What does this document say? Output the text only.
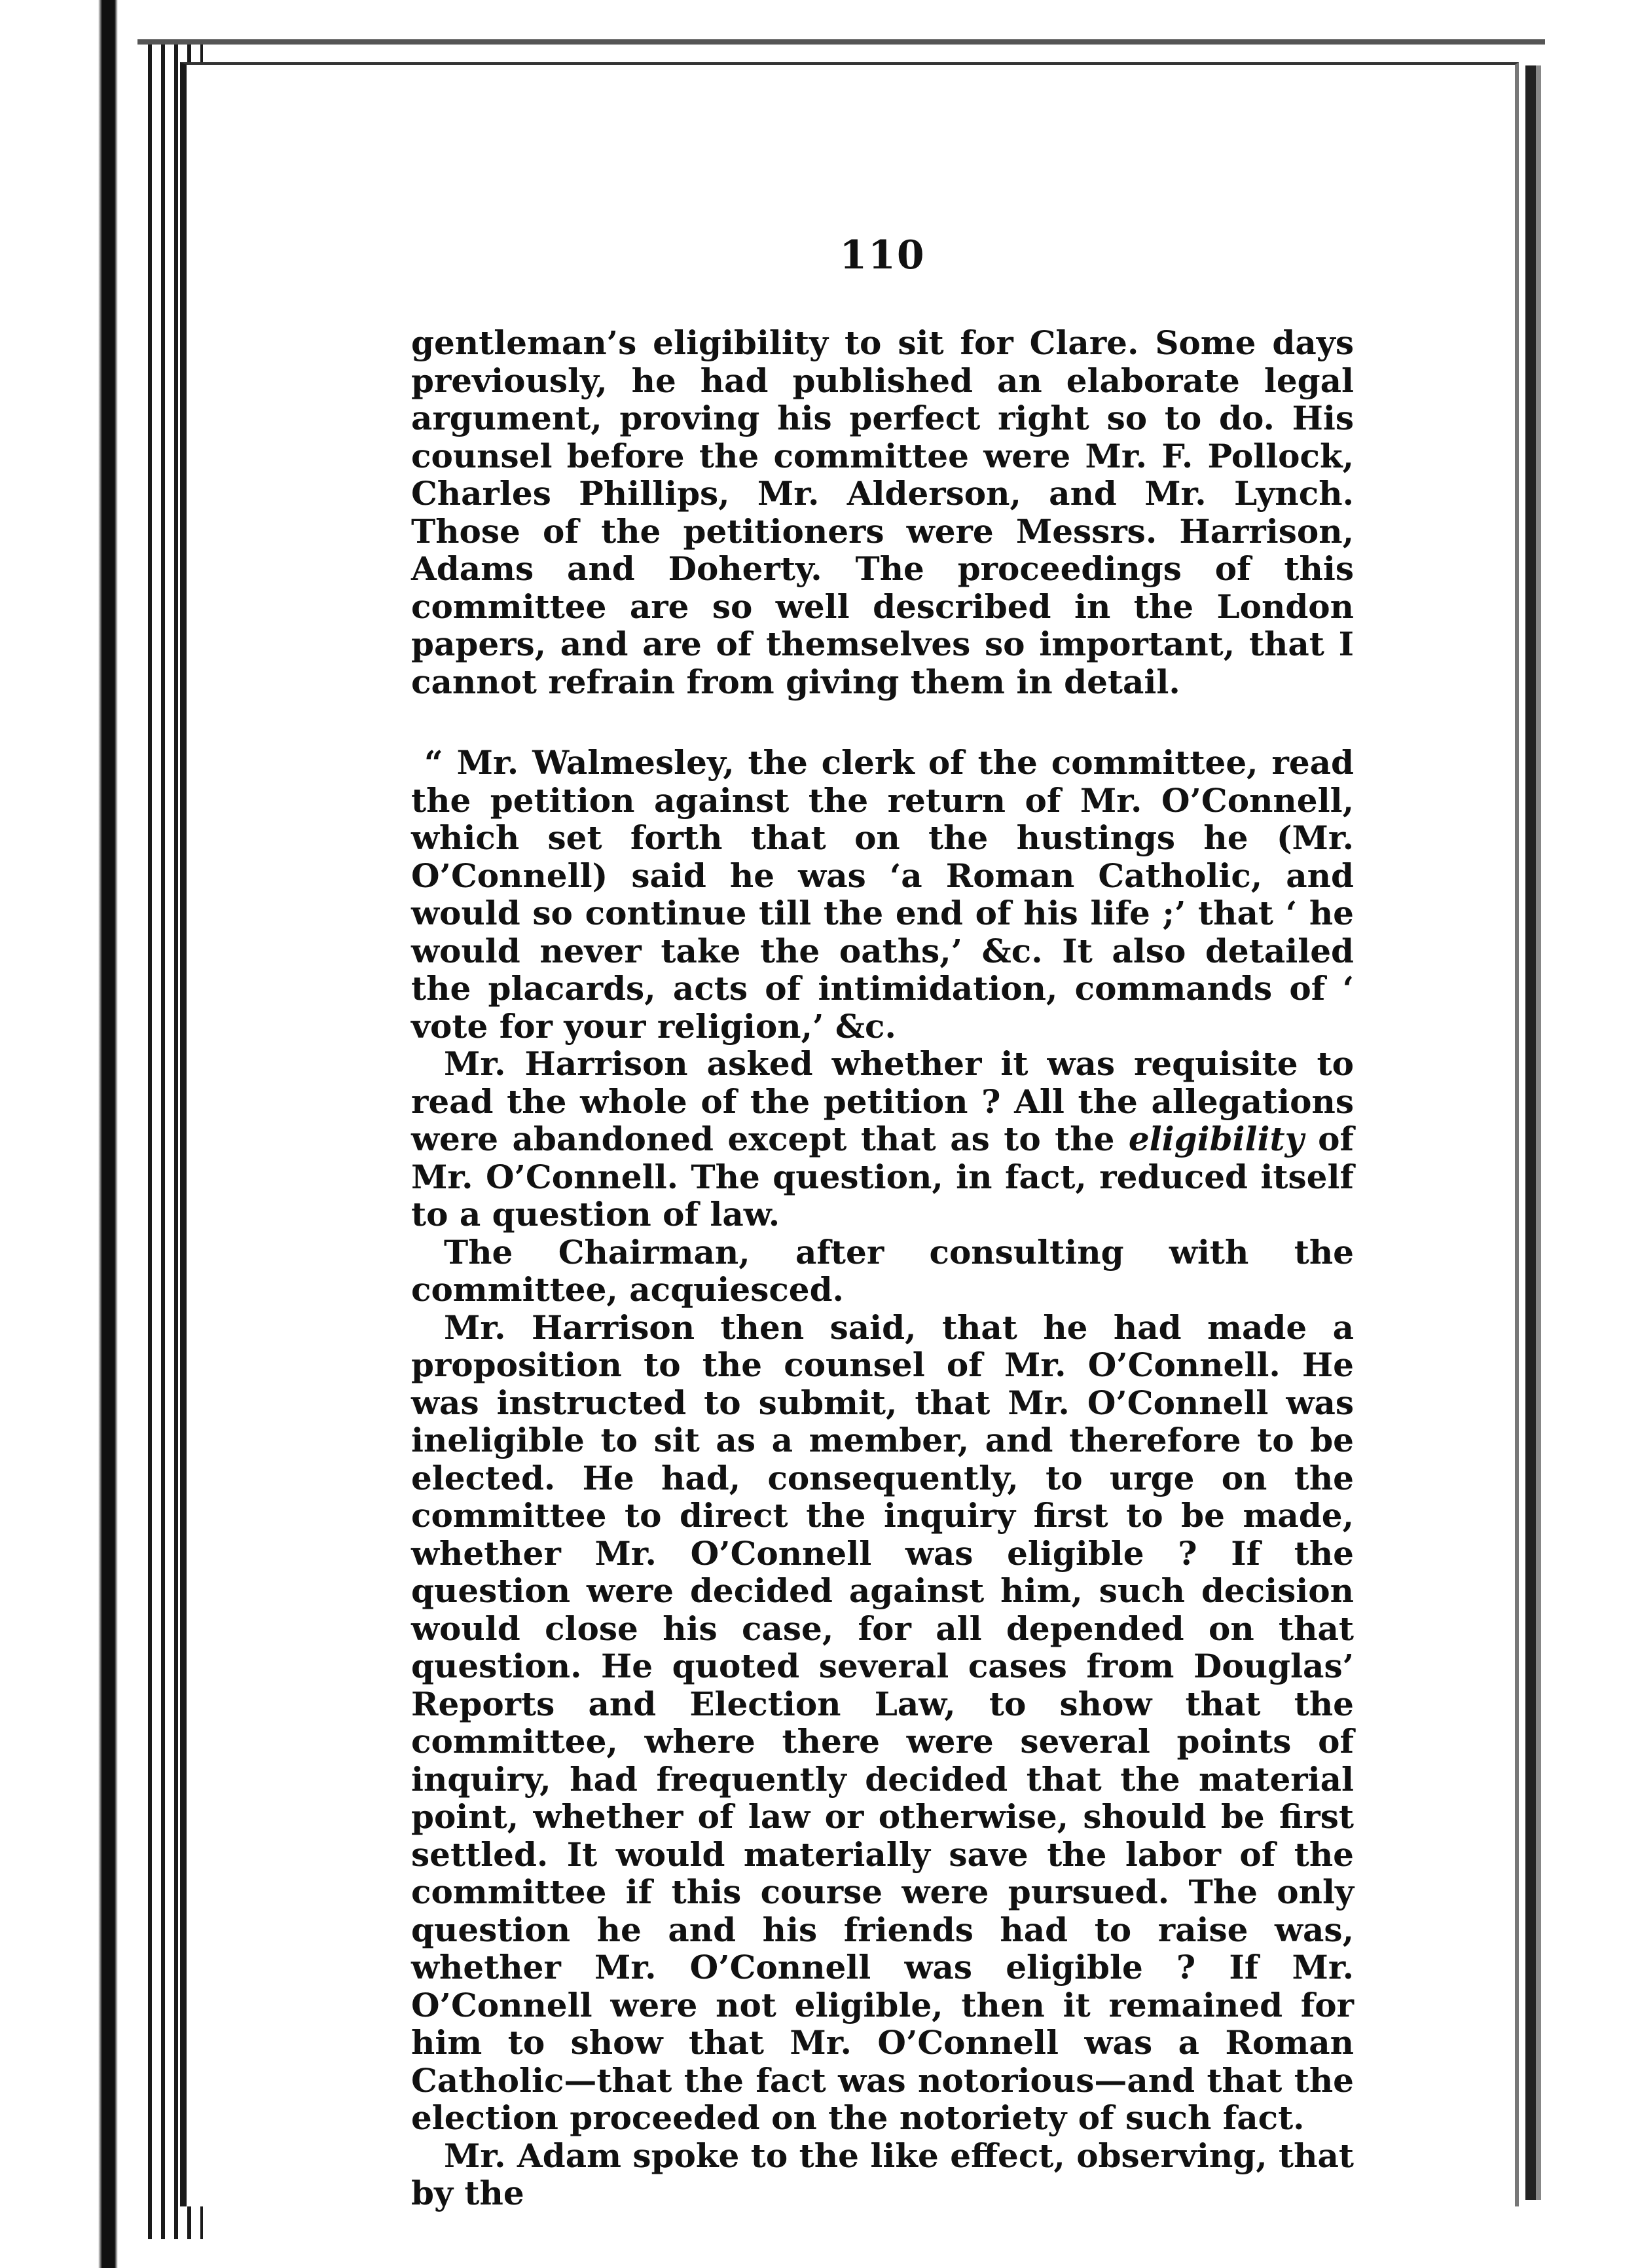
110

gentleman’s eligibility to sit for Clare. Some days previously, he had published an elaborate legal argument, proving his perfect right so to do. His counsel before the committee were Mr. F. Pollock, Charles Phillips, Mr. Alderson, and Mr. Lynch. Those of the petitioners were Messrs. Harrison, Adams and Doherty. The proceedings of this committee are so well described in the London papers, and are of themselves so important, that I cannot refrain from giving them in detail.

“ Mr. Walmesley, the clerk of the committee, read the petition against the return of Mr. O’Connell, which set forth that on the hustings he (Mr. O’Connell) said he was ‘a Roman Catholic, and would so continue till the end of his life ;’ that ‘ he would never take the oaths,’ &c. It also detailed the placards, acts of intimidation, commands of ‘ vote for your religion,’ &c.

Mr. Harrison asked whether it was requisite to read the whole of the petition ? All the allegations were abandoned except that as to the eligibility of Mr. O’Connell. The question, in fact, reduced itself to a question of law.

The Chairman, after consulting with the committee, acquiesced.

Mr. Harrison then said, that he had made a proposition to the counsel of Mr. O’Connell. He was instructed to submit, that Mr. O’Connell was ineligible to sit as a member, and therefore to be elected. He had, consequently, to urge on the committee to direct the inquiry first to be made, whether Mr. O’Connell was eligible ? If the question were decided against him, such decision would close his case, for all depended on that question. He quoted several cases from Douglas’ Reports and Election Law, to show that the committee, where there were several points of inquiry, had frequently decided that the material point, whether of law or otherwise, should be first settled. It would materially save the labor of the committee if this course were pursued. The only question he and his friends had to raise was, whether Mr. O’Connell was eligible ? If Mr. O’Connell were not eligible, then it remained for him to show that Mr. O’Connell was a Roman Catholic—that the fact was notorious—and that the election proceeded on the notoriety of such fact.

Mr. Adam spoke to the like effect, observing, that by the
